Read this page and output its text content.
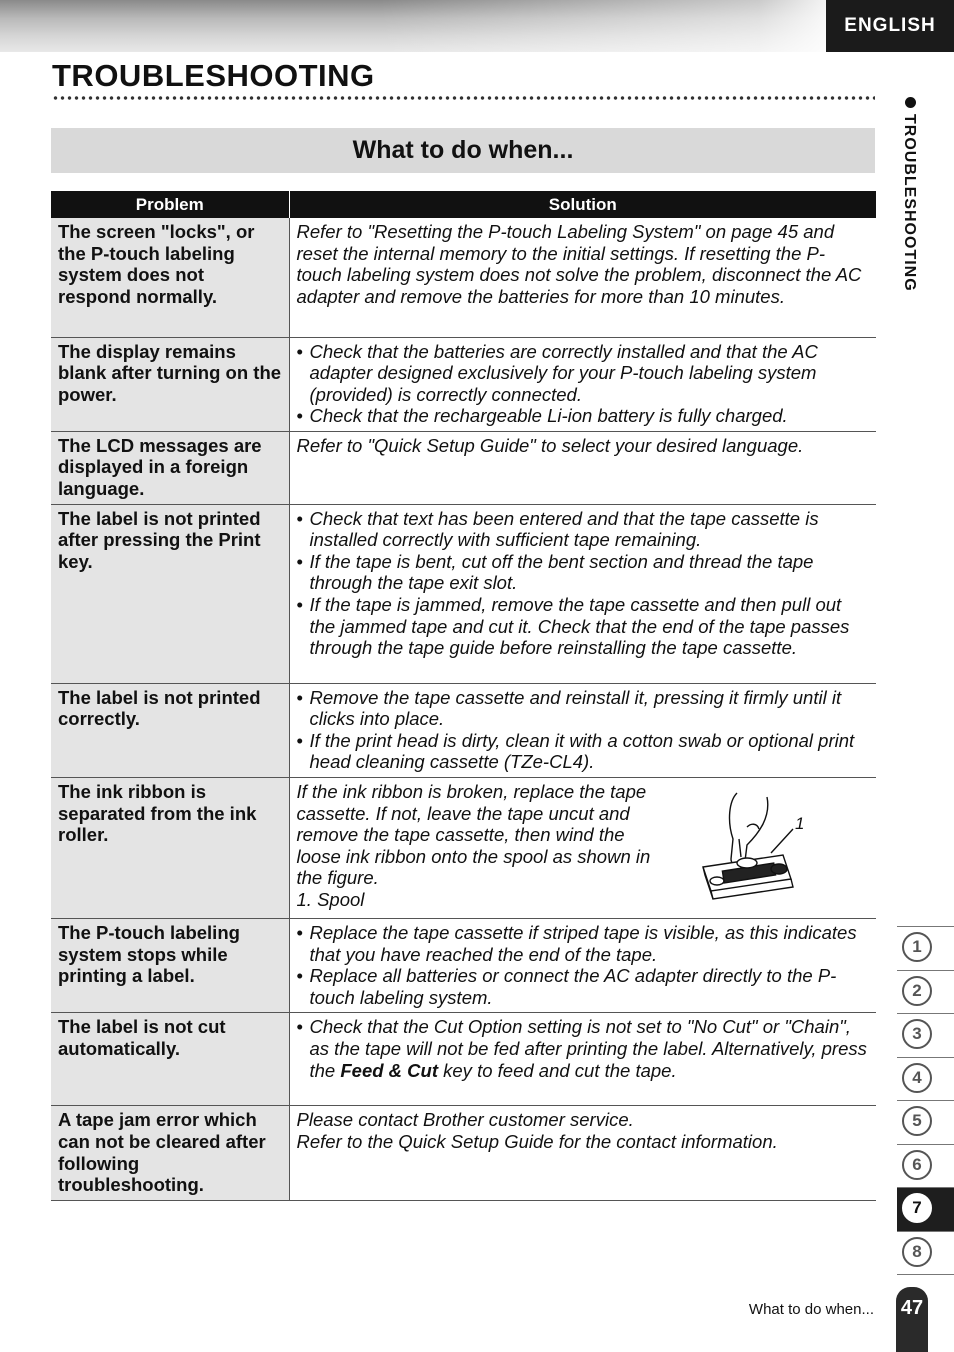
ENGLISH
TROUBLESHOOTING
What to do when...
Problem	Solution
The screen "locks", or the P-touch labeling system does not respond normally.	Refer to "Resetting the P-touch Labeling System" on page 45 and reset the internal memory to the initial settings. If resetting the P-touch labeling system does not solve the problem, disconnect the AC adapter and remove the batteries for more than 10 minutes.
The display remains blank after turning on the power.	• Check that the batteries are correctly installed and that the AC adapter designed exclusively for your P-touch labeling system (provided) is correctly connected.
• Check that the rechargeable Li-ion battery is fully charged.

The LCD messages are displayed in a foreign language.	Refer to "Quick Setup Guide" to select your desired language.
The label is not printed after pressing the Print key.	• Check that text has been entered and that the tape cassette is installed correctly with sufficient tape remaining.
• If the tape is bent, cut off the bent section and thread the tape through the tape exit slot.
• If the tape is jammed, remove the tape cassette and then pull out the jammed tape and cut it. Check that the end of the tape passes through the tape guide before reinstalling the tape cassette.

The label is not printed correctly.	• Remove the tape cassette and reinstall it, pressing it firmly until it clicks into place.
• If the print head is dirty, clean it with a cotton swab or optional print head cleaning cassette (TZe-CL4).

The ink ribbon is separated from the ink roller.	If the ink ribbon is broken, replace the tape cassette. If not, leave the tape uncut and remove the tape cassette, then wind the loose ink ribbon onto the spool as shown in the figure.
1. Spool
1

The P-touch labeling system stops while printing a label.	• Replace the tape cassette if striped tape is visible, as this indicates that you have reached the end of the tape.
• Replace all batteries or connect the AC adapter directly to the P-touch labeling system.

The label is not cut automatically.	• Check that the Cut Option setting is not set to "No Cut" or "Chain", as the tape will not be fed after printing the label. Alternatively, press the Feed & Cut key to feed and cut the tape.

A tape jam error which can not be cleared after following troubleshooting.	Please contact Brother customer service.
Refer to the Quick Setup Guide for the contact information.
TROUBLESHOOTING
1
2
3
4
5
6
7
8
What to do when... 47
